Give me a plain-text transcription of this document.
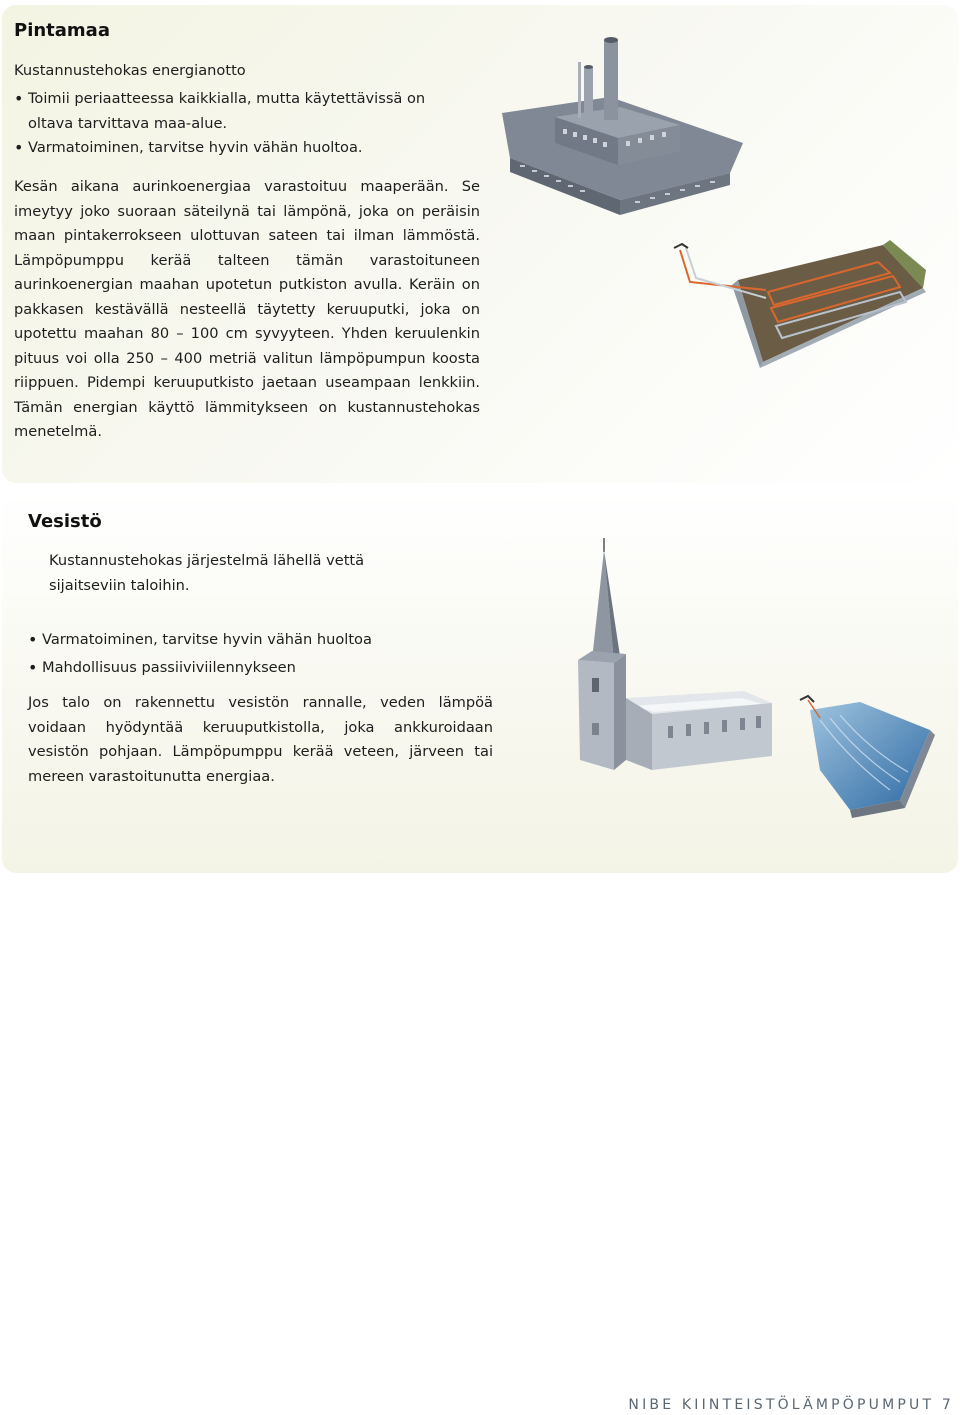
Pintamaa
Kustannustehokas energianotto
• Toimii periaatteessa kaikkialla, mutta käytettävissä on oltava tarvittava maa-alue.
• Varmatoiminen, tarvitse hyvin vähän huoltoa.

Kesän aikana aurinkoenergiaa varastoituu maaperään. Se imeytyy joko suoraan säteilynä tai lämpönä, joka on peräisin maan pintakerrokseen ulottuvan sateen tai ilman lämmöstä. Lämpöpumppu kerää talteen tämän varastoituneen aurinkoenergian maahan upotetun putkiston avulla. Keräin on pakkasen kestävällä nesteellä täytetty keruuputki, joka on upotettu maahan 80 – 100 cm syvyyteen. Yhden keruulenkin pituus voi olla 250 – 400 metriä valitun lämpöpumpun koosta riippuen. Pidempi keruuputkisto jaetaan useampaan lenkkiin. Tämän energian käyttö lämmitykseen on kustannustehokas menetelmä.

Vesistö
Kustannustehokas järjestelmä lähellä vettä sijaitseviin taloihin.
• Varmatoiminen, tarvitse hyvin vähän huoltoa
• Mahdollisuus passiiviviilennykseen

Jos talo on rakennettu vesistön rannalle, veden lämpöä voidaan hyödyntää keruuputkistolla, joka ankkuroidaan vesistön pohjaan. Lämpöpumppu kerää veteen, järveen tai mereen varastoitunutta energiaa.

NIBE KIINTEISTÖLÄMPÖPUMPUT 7
